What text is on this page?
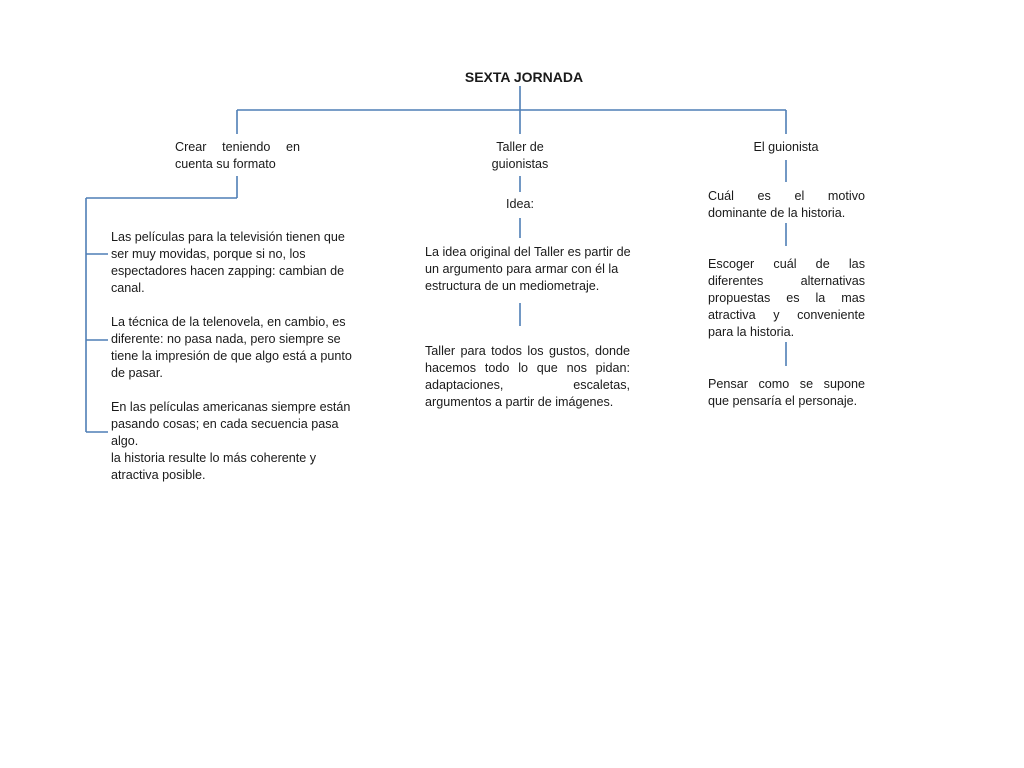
SEXTA JORNADA
Crear teniendo en cuenta su formato

Las películas para la televisión tienen que ser muy movidas, porque si no, los espectadores hacen zapping: cambian de canal.

La técnica de la telenovela, en cambio, es diferente: no pasa nada, pero siempre se tiene la impresión de que algo está a punto de pasar.

En las películas americanas siempre están pasando cosas; en cada secuencia pasa algo.

la historia resulte lo más coherente y atractiva posible.

Taller de guionistas
Idea:
La idea original del Taller es partir de un argumento para armar con él la estructura de un mediometraje.
Taller para todos los gustos, donde hacemos todo lo que nos pidan: adaptaciones, escaletas, argumentos a partir de imágenes.
El guionista
Cuál es el motivo dominante de la historia.
Escoger cuál de las diferentes alternativas propuestas es la mas atractiva y conveniente para la historia.
Pensar como se supone que pensaría el personaje.
